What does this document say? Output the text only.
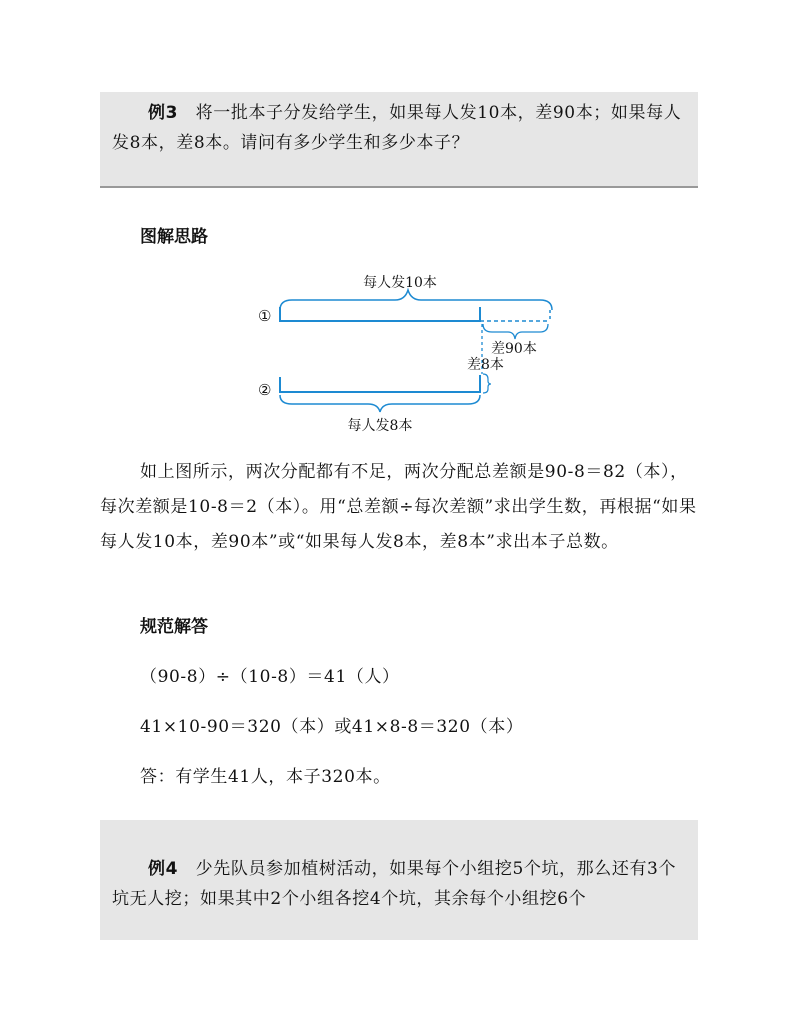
例3　 将一批本子分发给学生，如果每人发10本，差90本；如果每人发8本，差8本。请问有多少学生和多少本子？

图解思路

每人发10本
①
差90本
差8本
②
每人发8本

如上图所示，两次分配都有不足，两次分配总差额是90-8＝82（本），每次差额是10-8＝2（本）。用“总差额÷每次差额”求出学生数，再根据“如果每人发10本，差90本”或“如果每人发8本，差8本”求出本子总数。

规范解答

（90-8）÷（10-8）＝41（人）

41×10-90＝320（本）或41×8-8＝320（本）

答：有学生41人，本子320本。

例4　 少先队员参加植树活动，如果每个小组挖5个坑，那么还有3个坑无人挖；如果其中2个小组各挖4个坑，其余每个小组挖6个
